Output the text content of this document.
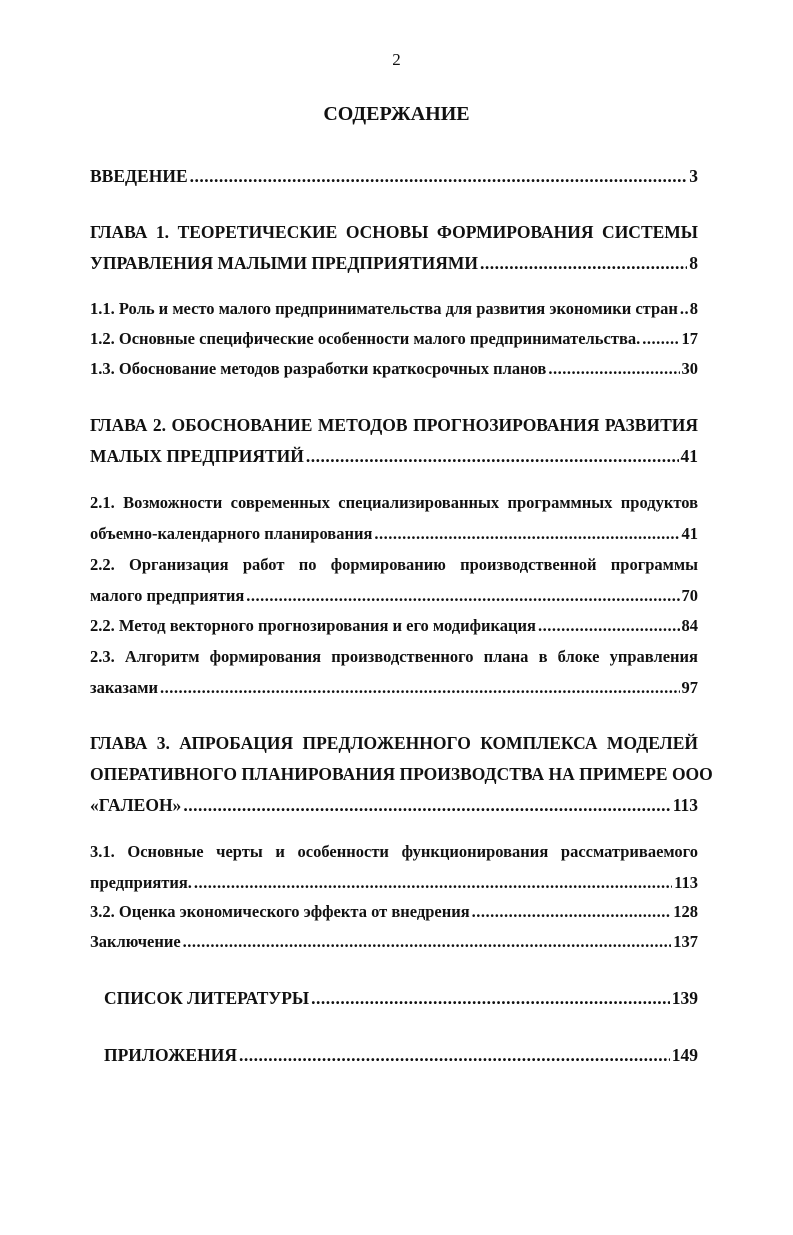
2
СОДЕРЖАНИЕ
ВВЕДЕНИЕ .....	3
ГЛАВА 1. ТЕОРЕТИЧЕСКИЕ ОСНОВЫ ФОРМИРОВАНИЯ СИСТЕМЫ
УПРАВЛЕНИЯ МАЛЫМИ ПРЕДПРИЯТИЯМИ .....	8
1.1. Роль и место малого предпринимательства для развития экономики стран ..... 8
1.2. Основные специфические особенности малого предпринимательства. .....	17
1.3. Обоснование методов разработки краткосрочных планов .....	30
ГЛАВА 2. ОБОСНОВАНИЕ МЕТОДОВ ПРОГНОЗИРОВАНИЯ РАЗВИТИЯ
МАЛЫХ ПРЕДПРИЯТИЙ .....	41
2.1. Возможности современных специализированных программных продуктов
объемно-календарного планирования .....	41
2.2. Организация работ по формированию производственной программы
малого предприятия .....	70
2.2. Метод векторного прогнозирования и его модификация .....	84
2.3. Алгоритм формирования производственного плана в блоке управления
заказами .....	97
ГЛАВА 3. АПРОБАЦИЯ ПРЕДЛОЖЕННОГО КОМПЛЕКСА МОДЕЛЕЙ
ОПЕРАТИВНОГО ПЛАНИРОВАНИЯ ПРОИЗВОДСТВА НА ПРИМЕРЕ ООО
«ГАЛЕОН» .....	113
3.1. Основные черты и особенности функционирования рассматриваемого
предприятия. .....	113
3.2. Оценка экономического эффекта от внедрения .....	128
Заключение .....	137
СПИСОК ЛИТЕРАТУРЫ .....	139
ПРИЛОЖЕНИЯ .....	149
